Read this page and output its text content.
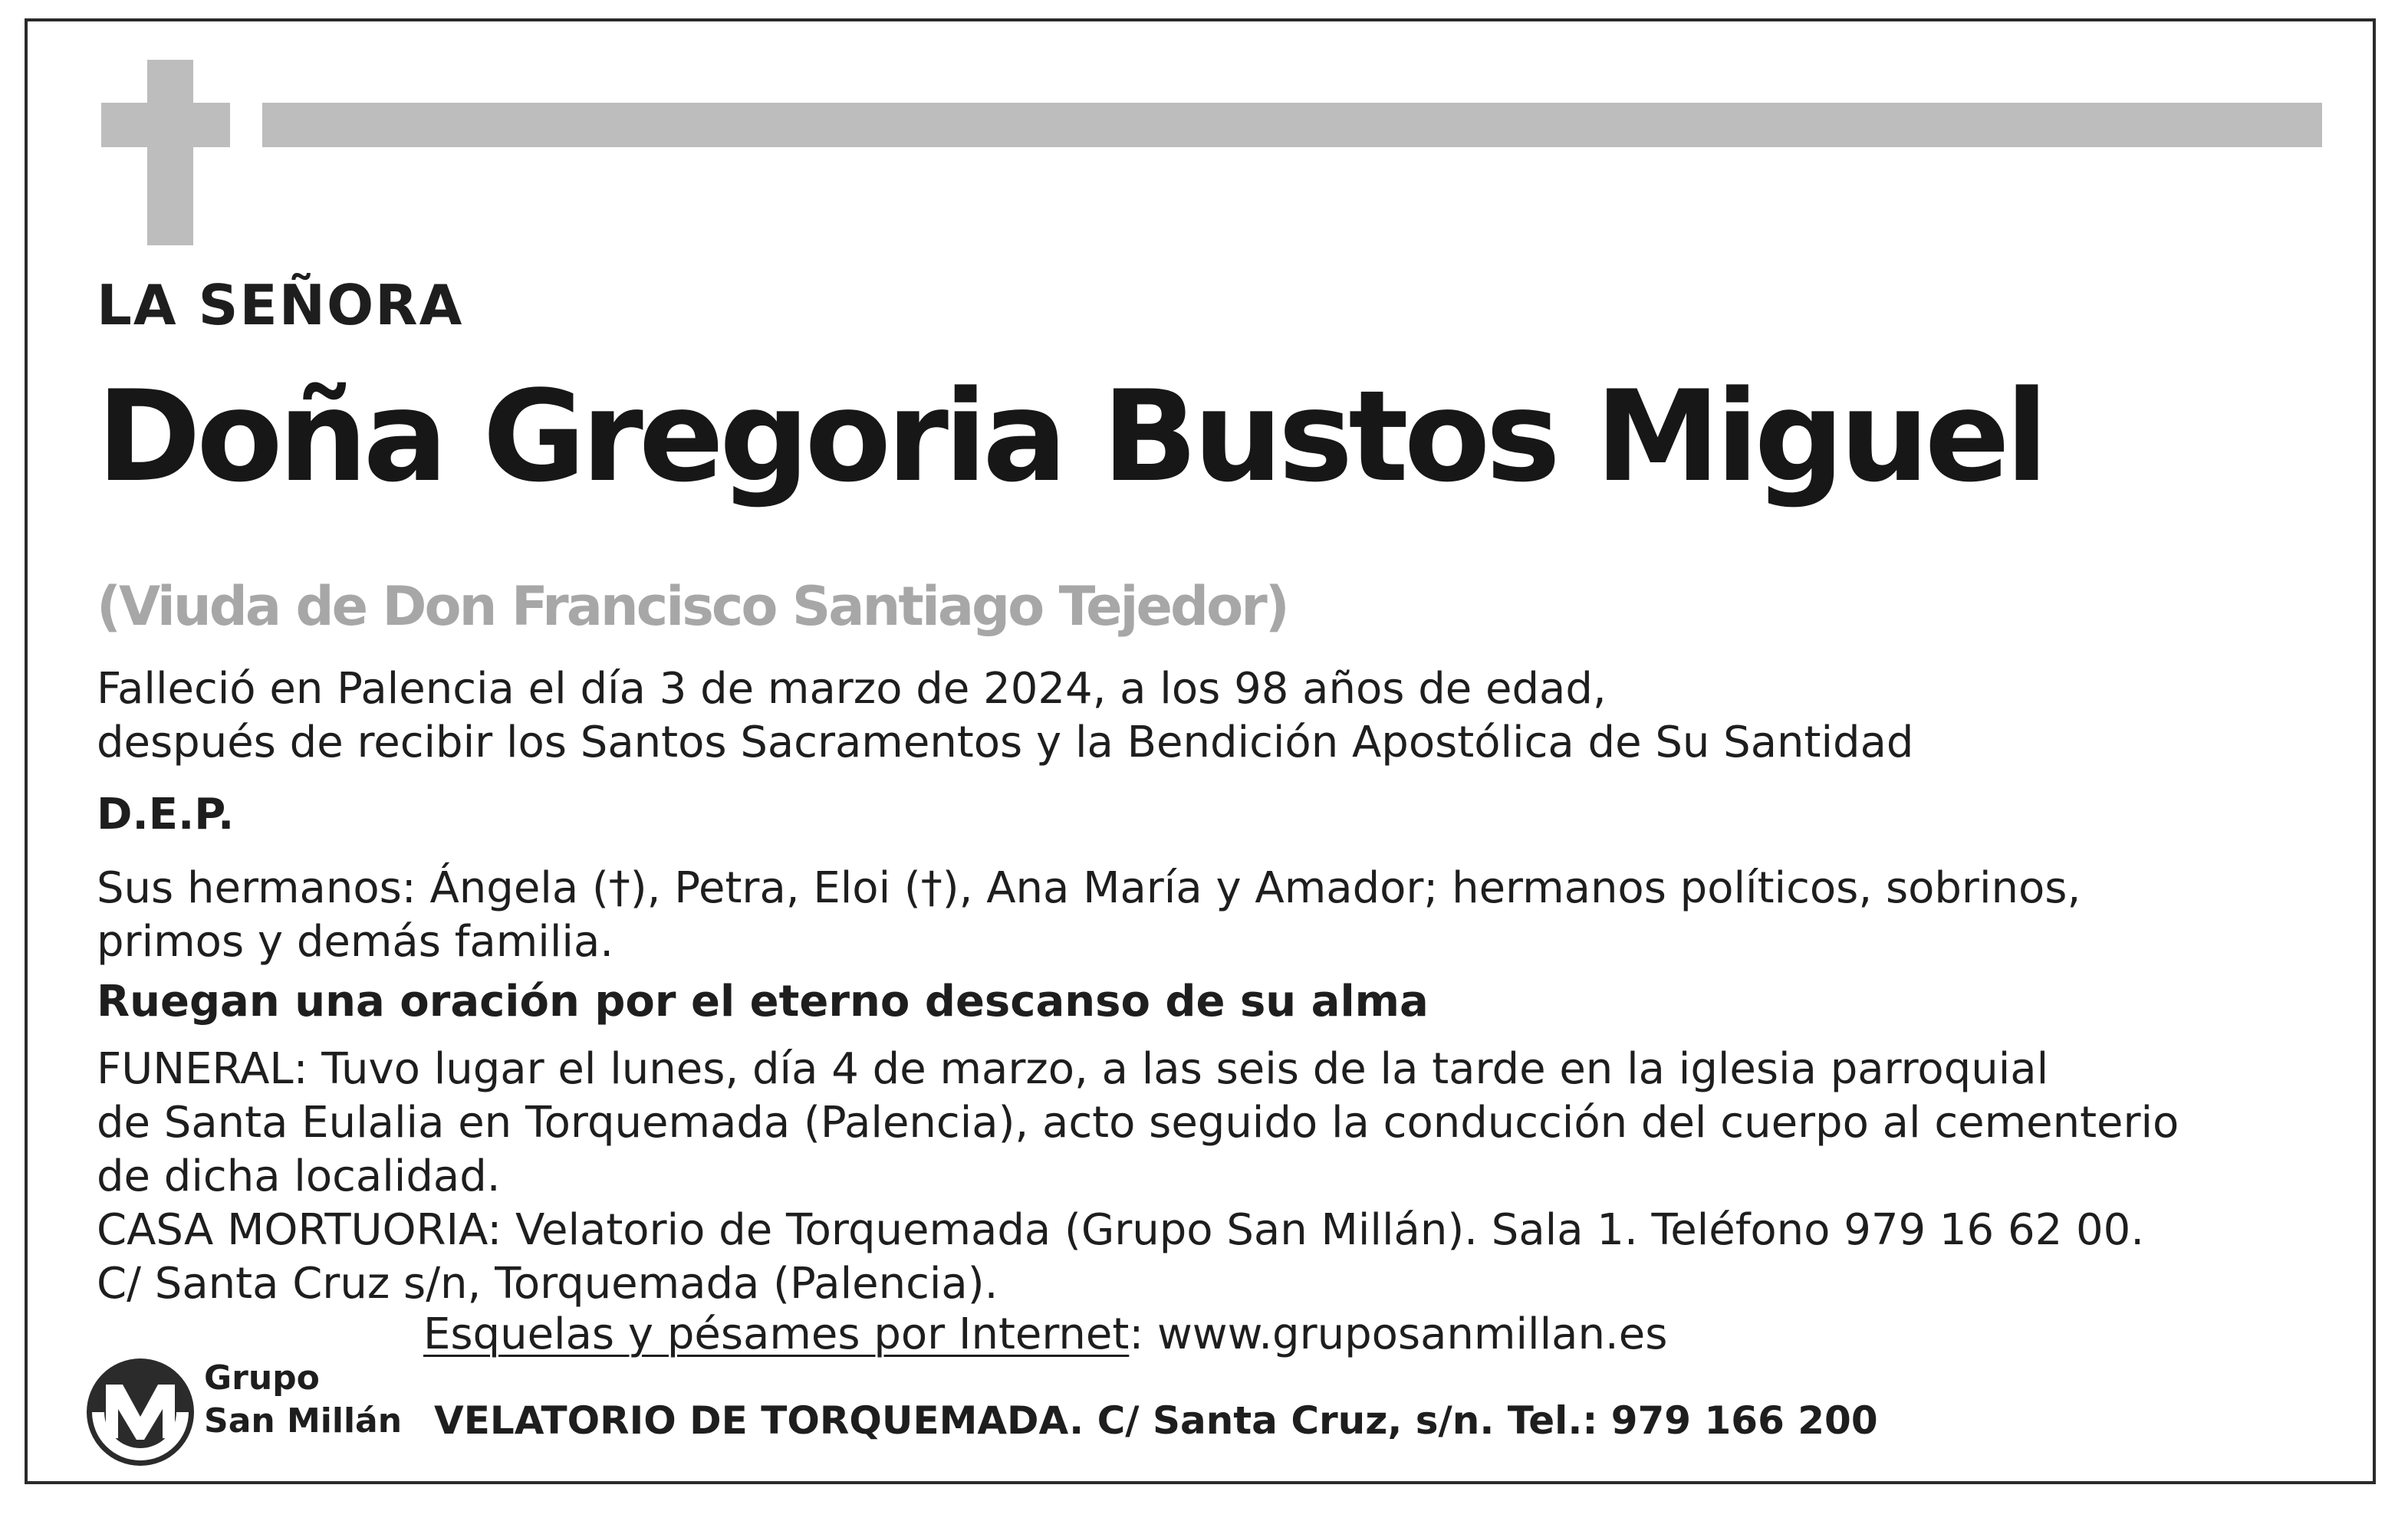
LA SEÑORA
Doña Gregoria Bustos Miguel
(Viuda de Don Francisco Santiago Tejedor)
Falleció en Palencia el día 3 de marzo de 2024, a los 98 años de edad,
después de recibir los Santos Sacramentos y la Bendición Apostólica de Su Santidad
D.E.P.
Sus hermanos: Ángela (†), Petra, Eloi (†), Ana María y Amador; hermanos políticos, sobrinos,
primos y demás familia.
Ruegan una oración por el eterno descanso de su alma
FUNERAL: Tuvo lugar el lunes, día 4 de marzo, a las seis de la tarde en la iglesia parroquial
de Santa Eulalia en Torquemada (Palencia), acto seguido la conducción del cuerpo al cementerio
de dicha localidad.
CASA MORTUORIA: Velatorio de Torquemada (Grupo San Millán). Sala 1. Teléfono 979 16 62 00.
C/ Santa Cruz s/n, Torquemada (Palencia).
Esquelas y pésames por Internet: www.gruposanmillan.es
Grupo
San Millán VELATORIO DE TORQUEMADA. C/ Santa Cruz, s/n. Tel.: 979 166 200
